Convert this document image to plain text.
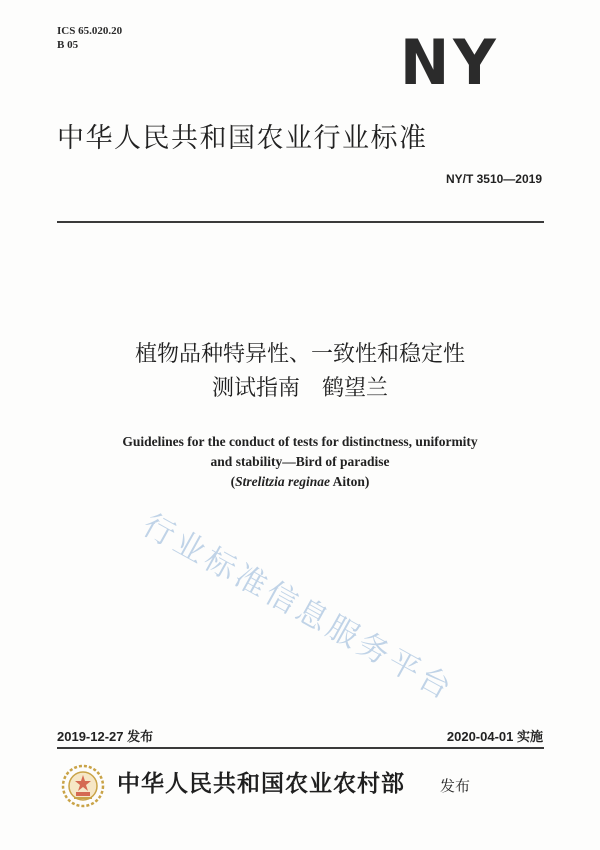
ICS 65.020.20
B 05	NY
中华人民共和国农业行业标准
NY/T 3510—2019
植物品种特异性、一致性和稳定性
测试指南　鹤望兰
Guidelines for the conduct of tests for distinctness, uniformity
and stability—Bird of paradise
(Strelitzia reginae Aiton)
行业标准信息服务平台
2019-12-27 发布	2020-04-01 实施
中华人民共和国农业农村部 发布
